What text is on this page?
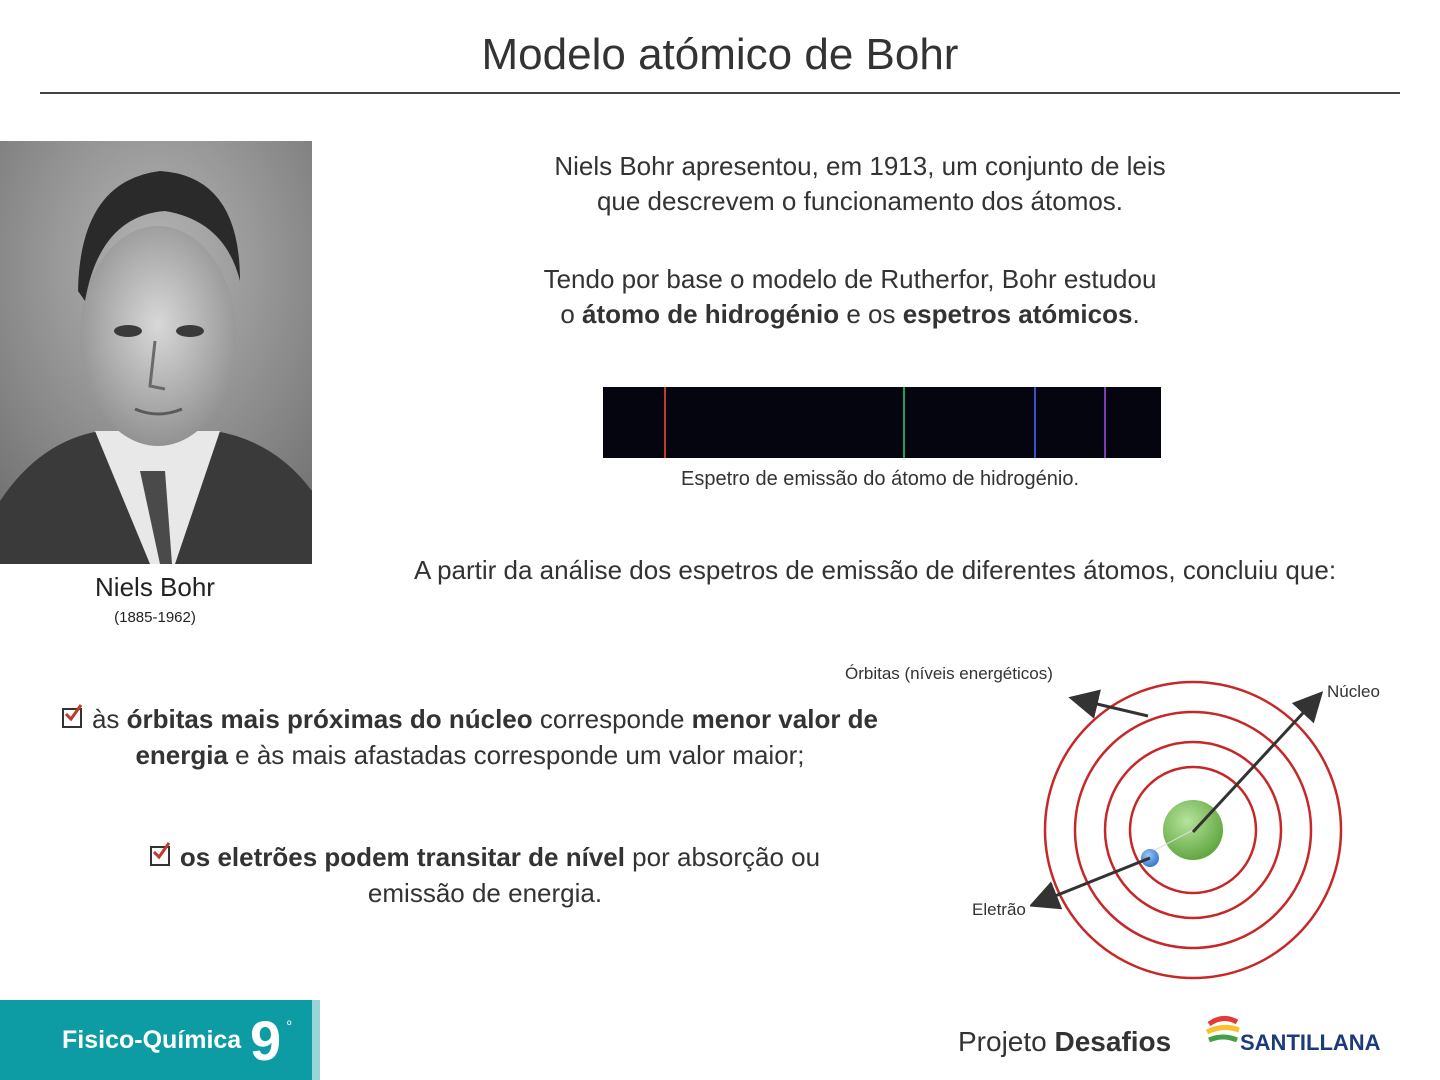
Modelo atómico de Bohr
Niels Bohr
(1885-1962)
Niels Bohr apresentou, em 1913, um conjunto de leis
que descrevem o funcionamento dos átomos.
Tendo por base o modelo de Rutherfor, Bohr estudou
o átomo de hidrogénio e os espetros atómicos.
Espetro de emissão do átomo de hidrogénio.
A partir da análise dos espetros de emissão de diferentes átomos, concluiu que:
às órbitas mais próximas do núcleo corresponde menor valor de energia e às mais afastadas corresponde um valor maior;
os eletrões podem transitar de nível por absorção ou emissão de energia.
Órbitas (níveis energéticos)
Núcleo
Eletrão
Fisico-Química 9 º
Projeto Desafios	SANTILLANA
